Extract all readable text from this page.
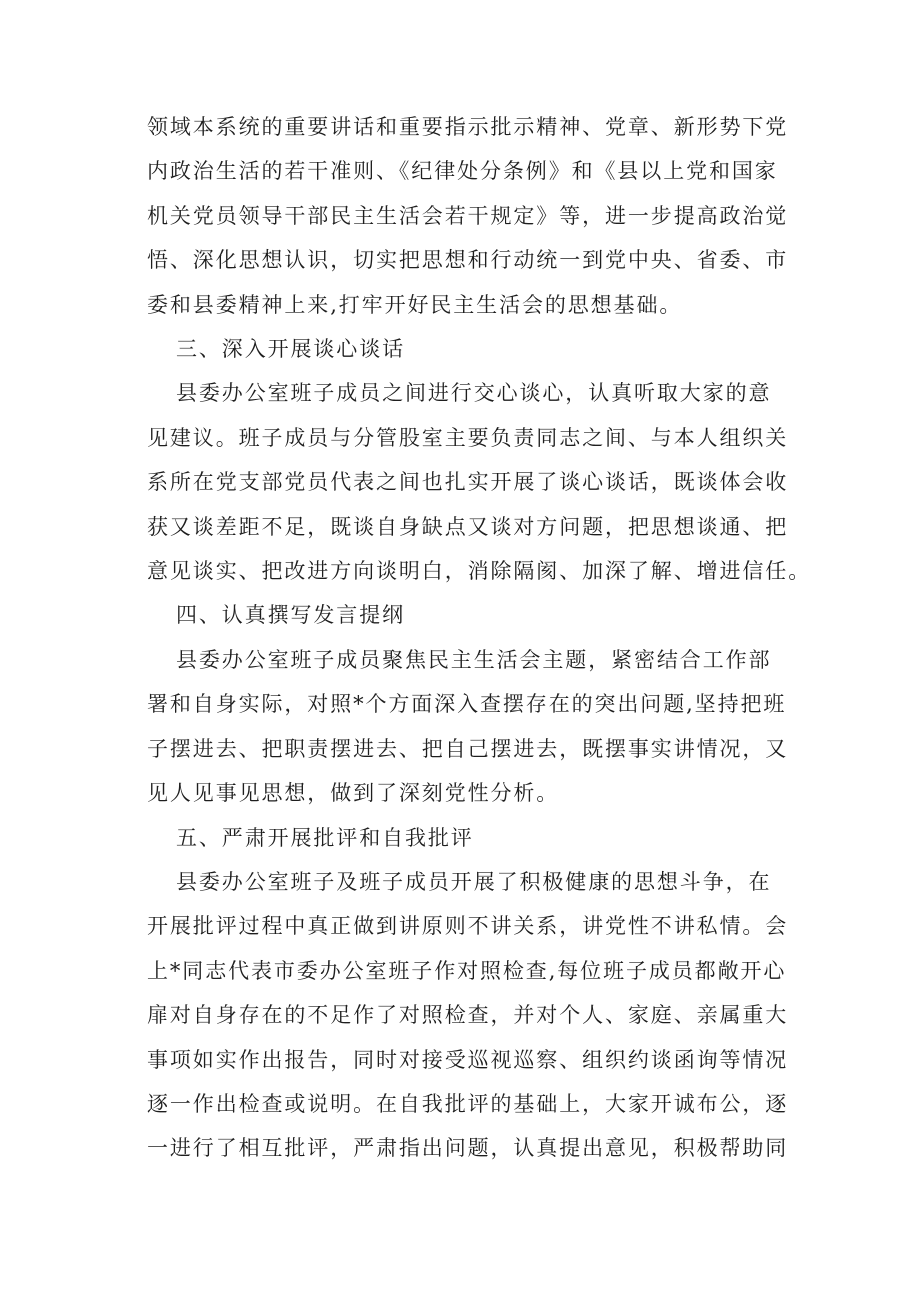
领域本系统的重要讲话和重要指示批示精神、党章、新形势下党
内政治生活的若干准则、《纪律处分条例》和《县以上党和国家
机关党员领导干部民主生活会若干规定》等，进一步提高政治觉
悟、深化思想认识，切实把思想和行动统一到党中央、省委、市
委和县委精神上来,打牢开好民主生活会的思想基础。
三、深入开展谈心谈话
县委办公室班子成员之间进行交心谈心，认真听取大家的意
见建议。班子成员与分管股室主要负责同志之间、与本人组织关
系所在党支部党员代表之间也扎实开展了谈心谈话，既谈体会收
获又谈差距不足，既谈自身缺点又谈对方问题，把思想谈通、把
意见谈实、把改进方向谈明白，消除隔阂、加深了解、增进信任。
四、认真撰写发言提纲
县委办公室班子成员聚焦民主生活会主题，紧密结合工作部
署和自身实际，对照*个方面深入查摆存在的突出问题,坚持把班
子摆进去、把职责摆进去、把自己摆进去，既摆事实讲情况，又
见人见事见思想，做到了深刻党性分析。
五、严肃开展批评和自我批评
县委办公室班子及班子成员开展了积极健康的思想斗争，在
开展批评过程中真正做到讲原则不讲关系，讲党性不讲私情。会
上*同志代表市委办公室班子作对照检查,每位班子成员都敞开心
扉对自身存在的不足作了对照检查，并对个人、家庭、亲属重大
事项如实作出报告，同时对接受巡视巡察、组织约谈函询等情况
逐一作出检查或说明。在自我批评的基础上，大家开诚布公，逐
一进行了相互批评，严肃指出问题，认真提出意见，积极帮助同
